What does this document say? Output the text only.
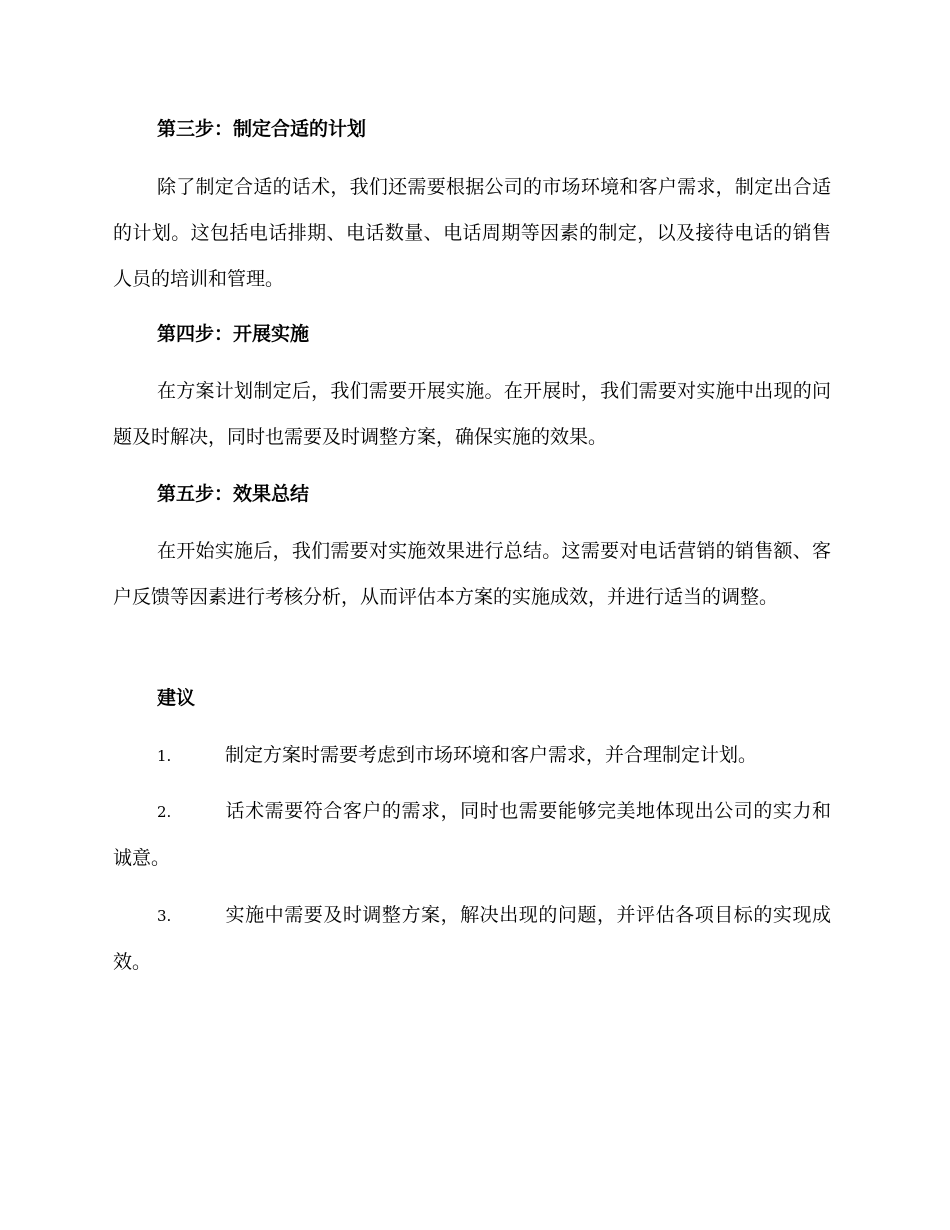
第三步：制定合适的计划

除了制定合适的话术，我们还需要根据公司的市场环境和客户需求，制定出合适的计划。这包括电话排期、电话数量、电话周期等因素的制定，以及接待电话的销售人员的培训和管理。

第四步：开展实施

在方案计划制定后，我们需要开展实施。在开展时，我们需要对实施中出现的问题及时解决，同时也需要及时调整方案，确保实施的效果。

第五步：效果总结

在开始实施后，我们需要对实施效果进行总结。这需要对电话营销的销售额、客户反馈等因素进行考核分析，从而评估本方案的实施成效，并进行适当的调整。

建议

1.	制定方案时需要考虑到市场环境和客户需求，并合理制定计划。

2.	话术需要符合客户的需求，同时也需要能够完美地体现出公司的实力和诚意。

3.	实施中需要及时调整方案，解决出现的问题，并评估各项目标的实现成效。
